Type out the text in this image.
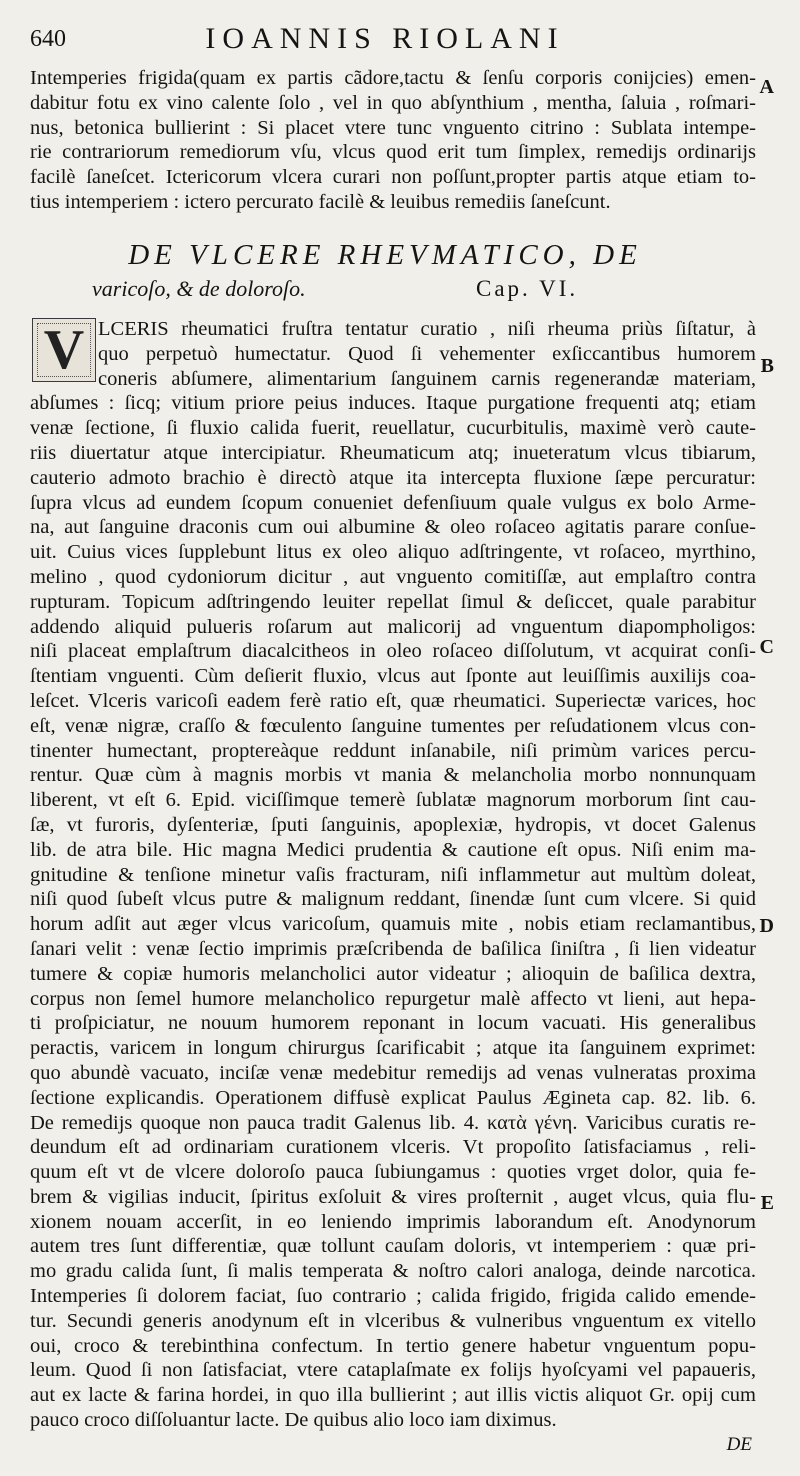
640	IOANNIS RIOLANI
Intemperies frigida(quam ex partis cãdore,tactu & ſenſu corporis conijcies) emen-
dabitur fotu ex vino calente ſolo , vel in quo abſynthium , mentha, ſaluia , roſmari-
nus, betonica bullierint : Si placet vtere tunc vnguento citrino : Sublata intempe-
rie contrariorum remediorum vſu, vlcus quod erit tum ſimplex, remedijs ordinarijs
facilè ſaneſcet. Ictericorum vlcera curari non poſſunt,propter partis atque etiam to-
tius intemperiem : ictero percurato facilè & leuibus remediis ſaneſcunt.
DE VLCERE RHEVMATICO, DE
varicoſo, & de doloroſo.	Cap. VI.
V LCERIS rheumatici fruſtra tentatur curatio , niſi rheuma priùs ſiſtatur, à
quo perpetuò humectatur. Quod ſi vehementer exſiccantibus humorem
coneris abſumere, alimentarium ſanguinem carnis regenerandæ materiam,
abſumes : ſicq; vitium priore peius induces. Itaque purgatione frequenti atq; etiam
venæ ſectione, ſi fluxio calida fuerit, reuellatur, cucurbitulis, maximè verò caute-
riis diuertatur atque intercipiatur. Rheumaticum atq; inueteratum vlcus tibiarum,
cauterio admoto brachio è directò atque ita intercepta fluxione ſæpe percuratur:
ſupra vlcus ad eundem ſcopum conueniet defenſiuum quale vulgus ex bolo Arme-
na, aut ſanguine draconis cum oui albumine & oleo roſaceo agitatis parare conſue-
uit. Cuius vices ſupplebunt litus ex oleo aliquo adſtringente, vt roſaceo, myrthino,
melino , quod cydoniorum dicitur , aut vnguento comitiſſæ, aut emplaſtro contra
rupturam. Topicum adſtringendo leuiter repellat ſimul & deſiccet, quale parabitur
addendo aliquid pulueris roſarum aut malicorij ad vnguentum diapompholigos:
niſi placeat emplaſtrum diacalcitheos in oleo roſaceo diſſolutum, vt acquirat conſi-
ſtentiam vnguenti. Cùm deſierit fluxio, vlcus aut ſponte aut leuiſſimis auxilijs coa-
leſcet. Vlceris varicoſi eadem ferè ratio eſt, quæ rheumatici. Superiectæ varices, hoc
eſt, venæ nigræ, craſſo & fœculento ſanguine tumentes per reſudationem vlcus con-
tinenter humectant, proptereàque reddunt inſanabile, niſi primùm varices percu-
rentur. Quæ cùm à magnis morbis vt mania & melancholia morbo nonnunquam
liberent, vt eſt 6. Epid. viciſſimque temerè ſublatæ magnorum morborum ſint cau-
ſæ, vt furoris, dyſenteriæ, ſputi ſanguinis, apoplexiæ, hydropis, vt docet Galenus
lib. de atra bile. Hic magna Medici prudentia & cautione eſt opus. Niſi enim ma-
gnitudine & tenſione minetur vaſis fracturam, niſi inflammetur aut multùm doleat,
niſi quod ſubeſt vlcus putre & malignum reddant, ſinendæ ſunt cum vlcere. Si quid
horum adſit aut æger vlcus varicoſum, quamuis mite , nobis etiam reclamantibus,
ſanari velit : venæ ſectio imprimis præſcribenda de baſilica ſiniſtra , ſi lien videatur
tumere & copiæ humoris melancholici autor videatur ; alioquin de baſilica dextra,
corpus non ſemel humore melancholico repurgetur malè affecto vt lieni, aut hepa-
ti proſpiciatur, ne nouum humorem reponant in locum vacuati. His generalibus
peractis, varicem in longum chirurgus ſcarificabit ; atque ita ſanguinem exprimet:
quo abundè vacuato, inciſæ venæ medebitur remedijs ad venas vulneratas proxima
ſectione explicandis. Operationem diffusè explicat Paulus Ægineta cap. 82. lib. 6.
De remedijs quoque non pauca tradit Galenus lib. 4. κατὰ γένη. Varicibus curatis re-
deundum eſt ad ordinariam curationem vlceris. Vt propoſito ſatisfaciamus , reli-
quum eſt vt de vlcere doloroſo pauca ſubiungamus : quoties vrget dolor, quia fe-
brem & vigilias inducit, ſpiritus exſoluit & vires proſternit , auget vlcus, quia flu-
xionem nouam accerſit, in eo leniendo imprimis laborandum eſt. Anodynorum
autem tres ſunt differentiæ, quæ tollunt cauſam doloris, vt intemperiem : quæ pri-
mo gradu calida ſunt, ſi malis temperata & noſtro calori analoga, deinde narcotica.
Intemperies ſi dolorem faciat, ſuo contrario ; calida frigido, frigida calido emende-
tur. Secundi generis anodynum eſt in vlceribus & vulneribus vnguentum ex vitello
oui, croco & terebinthina confectum. In tertio genere habetur vnguentum popu-
leum. Quod ſi non ſatisfaciat, vtere cataplaſmate ex folijs hyoſcyami vel papaueris,
aut ex lacte & farina hordei, in quo illa bullierint ; aut illis victis aliquot Gr. opij cum
pauco croco diſſoluantur lacte. De quibus alio loco iam diximus.
A
B
C
D
E
DE
